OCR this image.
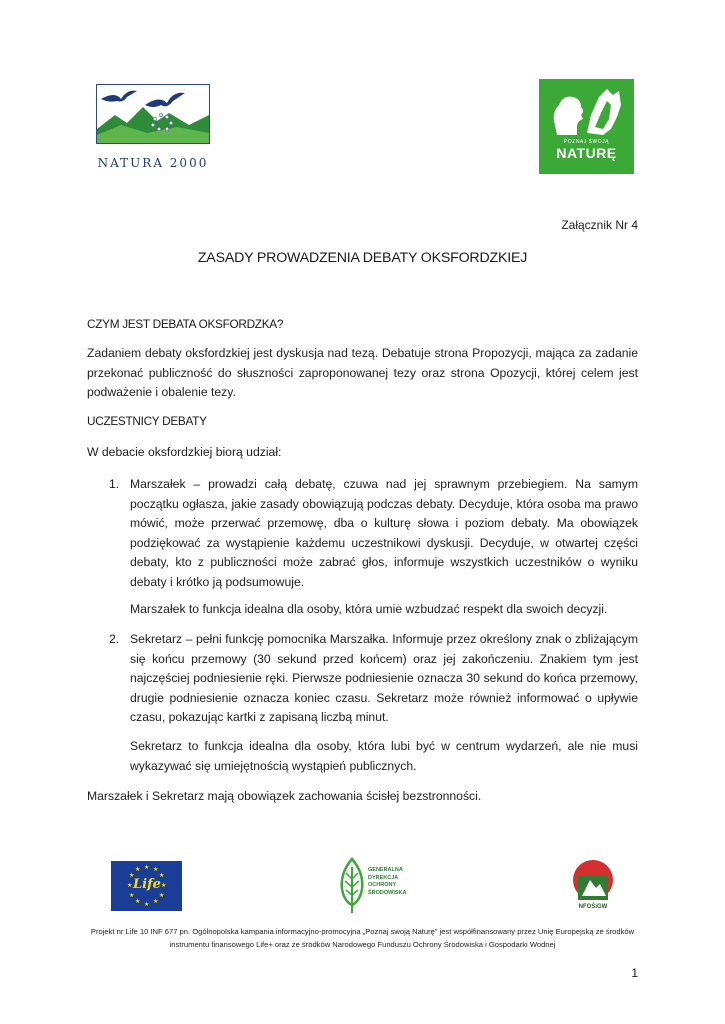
NATURA 2000
POZNAJ SWOJĄ
NATURĘ
Załącznik Nr 4
ZASADY PROWADZENIA DEBATY OKSFORDZKIEJ
CZYM JEST DEBATA OKSFORDZKA?
Zadaniem debaty oksfordzkiej jest dyskusja nad tezą. Debatuje strona Propozycji, mająca za zadanie przekonać publiczność do słuszności zaproponowanej tezy oraz strona Opozycji, której celem jest podważenie i obalenie tezy.
UCZESTNICY DEBATY
W debacie oksfordzkiej biorą udział:
1. Marszałek – prowadzi całą debatę, czuwa nad jej sprawnym przebiegiem. Na samym początku ogłasza, jakie zasady obowiązują podczas debaty. Decyduje, która osoba ma prawo mówić, może przerwać przemowę, dba o kulturę słowa i poziom debaty. Ma obowiązek podziękować za wystąpienie każdemu uczestnikowi dyskusji. Decyduje, w otwartej części debaty, kto z publiczności może zabrać głos, informuje wszystkich uczestników o wyniku debaty i krótko ją podsumowuje.
Marszałek to funkcja idealna dla osoby, która umie wzbudzać respekt dla swoich decyzji.
2. Sekretarz – pełni funkcję pomocnika Marszałka. Informuje przez określony znak o zbliżającym się końcu przemowy (30 sekund przed końcem) oraz jej zakończeniu. Znakiem tym jest najczęściej podniesienie ręki. Pierwsze podniesienie oznacza 30 sekund do końca przemowy, drugie podniesienie oznacza koniec czasu. Sekretarz może również informować o upływie czasu, pokazując kartki z zapisaną liczbą minut.
Sekretarz to funkcja idealna dla osoby, która lubi być w centrum wydarzeń, ale nie musi wykazywać się umiejętnością wystąpień publicznych.
Marszałek i Sekretarz mają obowiązek zachowania ścisłej bezstronności.
★ ★
★
★
★
★
★
★
★
★
★
★
Life
GENERALNA
DYREKCJA
OCHRONY
ŚRODOWISKA
NFOŚiGW
Projekt nr Life 10 INF 677 pn. Ogólnopolska kampania informacyjno-promocyjna „Poznaj swoją Naturę” jest współfinansowany przez Unię Europejską ze środków instrumentu finansowego Life+ oraz ze środków Narodowego Funduszu Ochrony Środowiska i Gospodarki Wodnej
1
